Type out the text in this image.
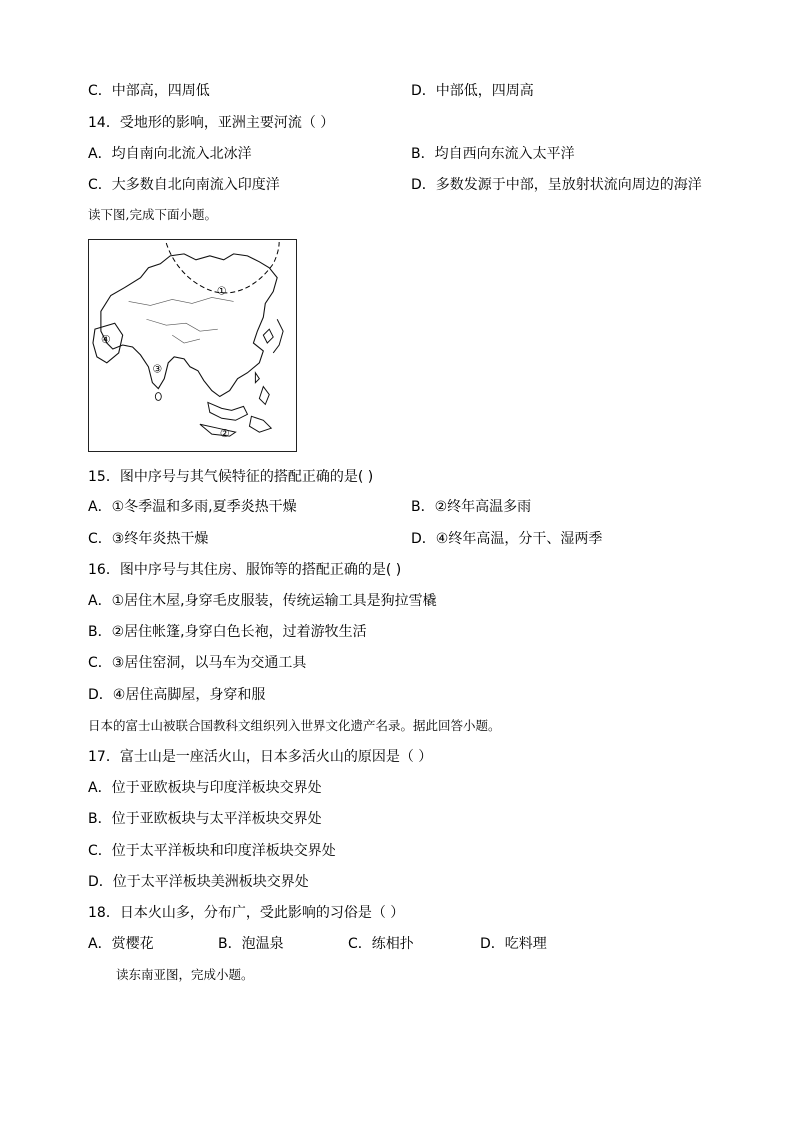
C．中部高，四周低	D．中部低，四周高
14．受地形的影响，亚洲主要河流（ ）
A．均自南向北流入北冰洋	B．均自西向东流入太平洋
C．大多数自北向南流入印度洋	D．多数发源于中部，呈放射状流向周边的海洋
读下图,完成下面小题。
①
②
③
④
15．图中序号与其气候特征的搭配正确的是( )
A．①冬季温和多雨,夏季炎热干燥	B．②终年高温多雨
C．③终年炎热干燥	D．④终年高温，分干、湿两季
16．图中序号与其住房、服饰等的搭配正确的是( )
A．①居住木屋,身穿毛皮服装，传统运输工具是狗拉雪橇
B．②居住帐篷,身穿白色长袍，过着游牧生活
C．③居住窑洞，以马车为交通工具
D．④居住高脚屋，身穿和服
日本的富士山被联合国教科文组织列入世界文化遗产名录。据此回答小题。
17．富士山是一座活火山，日本多活火山的原因是（ ）
A．位于亚欧板块与印度洋板块交界处
B．位于亚欧板块与太平洋板块交界处
C．位于太平洋板块和印度洋板块交界处
D．位于太平洋板块美洲板块交界处
18．日本火山多，分布广，受此影响的习俗是（ ）
A．赏樱花	B．泡温泉	C．练相扑	D．吃料理
读东南亚图，完成小题。
